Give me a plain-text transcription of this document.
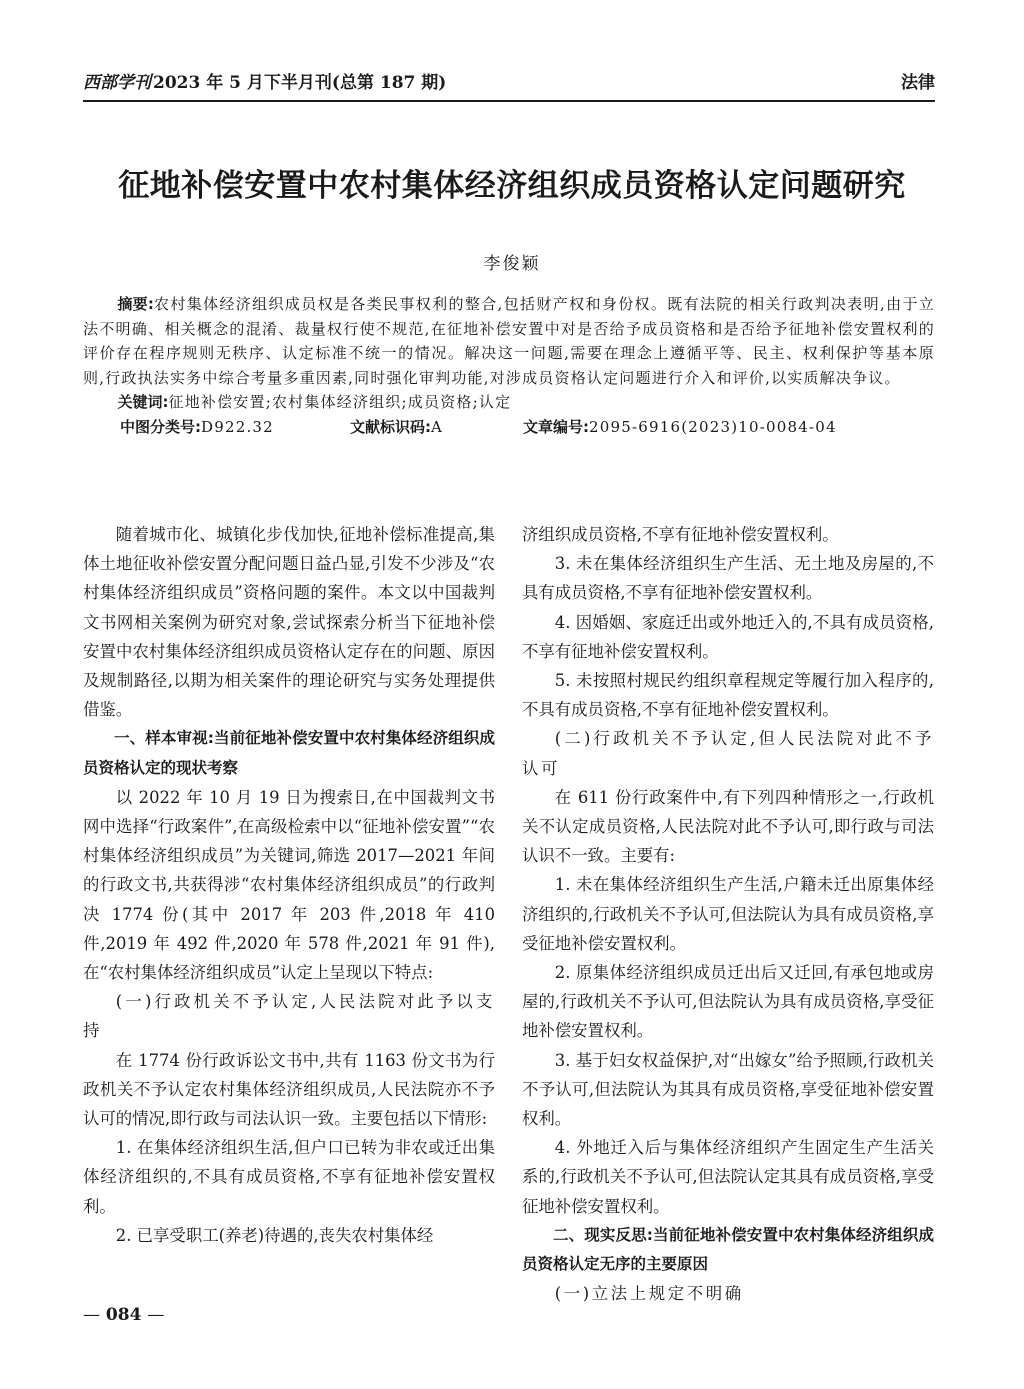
西部学刊 2023 年 5 月下半月刊(总第 187 期)	法律
征地补偿安置中农村集体经济组织成员资格认定问题研究
李俊颖

摘要:农村集体经济组织成员权是各类民事权利的整合,包括财产权和身份权。既有法院的相关行政判决表明,由于立法不明确、相关概念的混淆、裁量权行使不规范,在征地补偿安置中对是否给予成员资格和是否给予征地补偿安置权利的评价存在程序规则无秩序、认定标准不统一的情况。解决这一问题,需要在理念上遵循平等、民主、权利保护等基本原则,行政执法实务中综合考量多重因素,同时强化审判功能,对涉成员资格认定问题进行介入和评价,以实质解决争议。

关键词:征地补偿安置;农村集体经济组织;成员资格;认定

中图分类号:D922.32	文献标识码:A	文章编号:2095-6916(2023)10-0084-04

随着城市化、城镇化步伐加快,征地补偿标准提高,集体土地征收补偿安置分配问题日益凸显,引发不少涉及“农村集体经济组织成员”资格问题的案件。本文以中国裁判文书网相关案例为研究对象,尝试探索分析当下征地补偿安置中农村集体经济组织成员资格认定存在的问题、原因及规制路径,以期为相关案件的理论研究与实务处理提供借鉴。

一、样本审视:当前征地补偿安置中农村集体经济组织成员资格认定的现状考察

以 2022 年 10 月 19 日为搜索日,在中国裁判文书网中选择“行政案件”,在高级检索中以“征地补偿安置”“农村集体经济组织成员”为关键词,筛选 2017—2021 年间的行政文书,共获得涉“农村集体经济组织成员”的行政判决 1774 份(其中 2017 年 203 件,2018 年 410 件,2019 年 492 件,2020 年 578 件,2021 年 91 件),在“农村集体经济组织成员”认定上呈现以下特点:

(一)行政机关不予认定,人民法院对此予以支持

在 1774 份行政诉讼文书中,共有 1163 份文书为行政机关不予认定农村集体经济组织成员,人民法院亦不予认可的情况,即行政与司法认识一致。主要包括以下情形:

1. 在集体经济组织生活,但户口已转为非农或迁出集体经济组织的,不具有成员资格,不享有征地补偿安置权利。

2. 已享受职工(养老)待遇的,丧失农村集体经

济组织成员资格,不享有征地补偿安置权利。

3. 未在集体经济组织生产生活、无土地及房屋的,不具有成员资格,不享有征地补偿安置权利。

4. 因婚姻、家庭迁出或外地迁入的,不具有成员资格,不享有征地补偿安置权利。

5. 未按照村规民约组织章程规定等履行加入程序的,不具有成员资格,不享有征地补偿安置权利。

(二)行政机关不予认定,但人民法院对此不予认可

在 611 份行政案件中,有下列四种情形之一,行政机关不认定成员资格,人民法院对此不予认可,即行政与司法认识不一致。主要有:

1. 未在集体经济组织生产生活,户籍未迁出原集体经济组织的,行政机关不予认可,但法院认为具有成员资格,享受征地补偿安置权利。

2. 原集体经济组织成员迁出后又迁回,有承包地或房屋的,行政机关不予认可,但法院认为具有成员资格,享受征地补偿安置权利。

3. 基于妇女权益保护,对“出嫁女”给予照顾,行政机关不予认可,但法院认为其具有成员资格,享受征地补偿安置权利。

4. 外地迁入后与集体经济组织产生固定生产生活关系的,行政机关不予认可,但法院认定其具有成员资格,享受征地补偿安置权利。

二、现实反思:当前征地补偿安置中农村集体经济组织成员资格认定无序的主要原因

(一)立法上规定不明确

— 084 —
